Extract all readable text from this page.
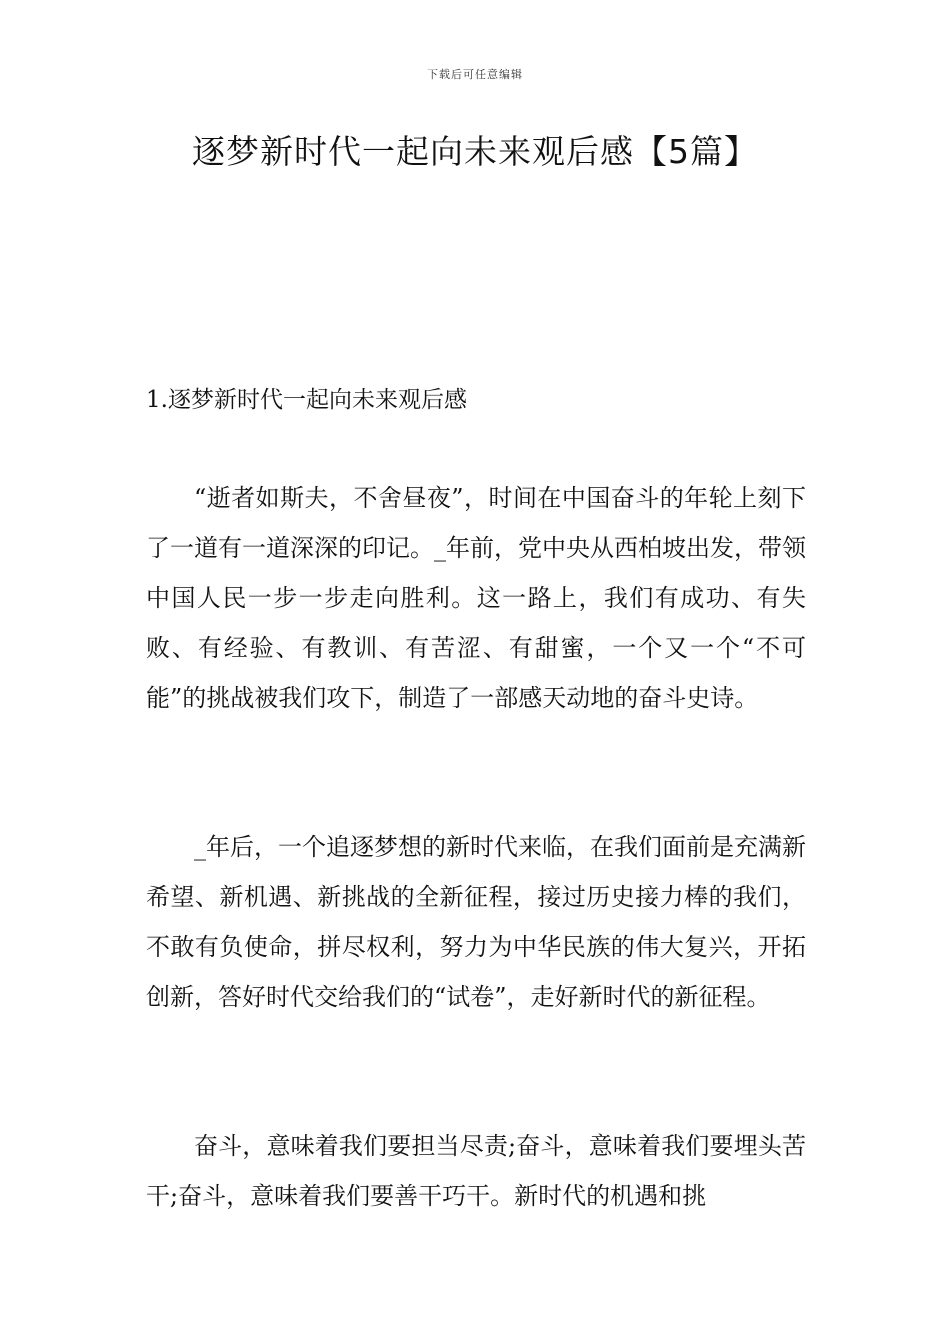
下载后可任意编辑
逐梦新时代一起向未来观后感【5篇】
1.逐梦新时代一起向未来观后感

“逝者如斯夫，不舍昼夜”，时间在中国奋斗的年轮上刻下了一道有一道深深的印记。_年前，党中央从西柏坡出发，带领中国人民一步一步走向胜利。这一路上，我们有成功、有失败、有经验、有教训、有苦涩、有甜蜜，一个又一个“不可能”的挑战被我们攻下，制造了一部感天动地的奋斗史诗。

_年后，一个追逐梦想的新时代来临，在我们面前是充满新希望、新机遇、新挑战的全新征程，接过历史接力棒的我们，不敢有负使命，拼尽权利，努力为中华民族的伟大复兴，开拓创新，答好时代交给我们的“试卷”，走好新时代的新征程。

奋斗，意味着我们要担当尽责;奋斗，意味着我们要埋头苦干;奋斗，意味着我们要善干巧干。新时代的机遇和挑
